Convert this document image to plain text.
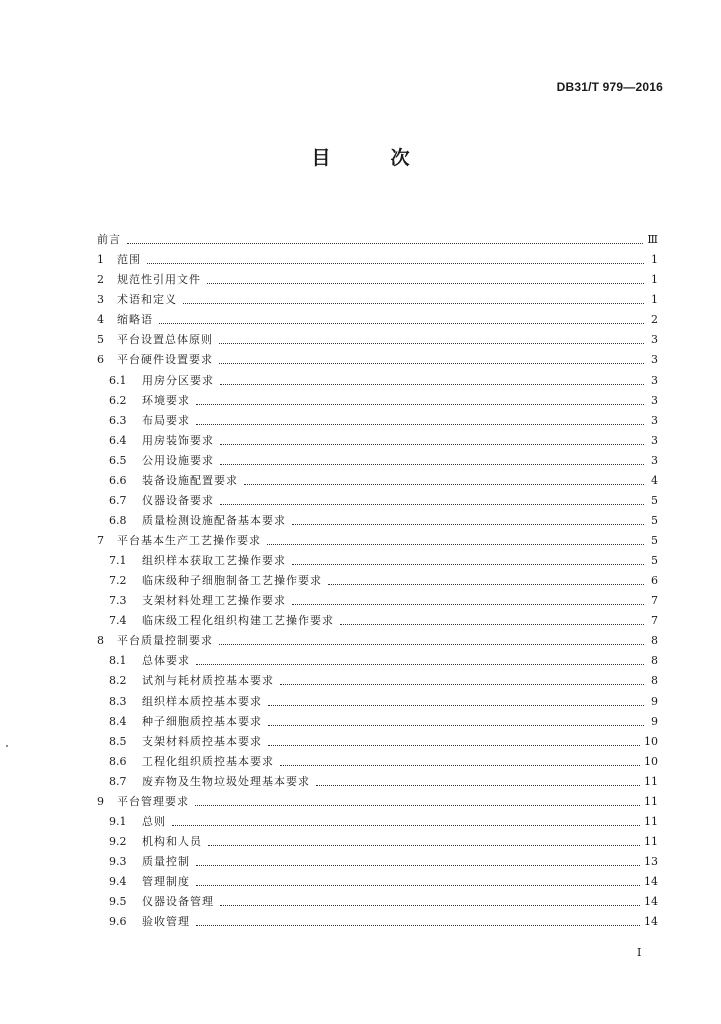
DB31/T 979—2016
目 次
前言	Ⅲ
1	范围	1
2	规范性引用文件	1
3	术语和定义	1
4	缩略语	2
5	平台设置总体原则	3
6	平台硬件设置要求	3
6.1	用房分区要求	3
6.2	环境要求	3
6.3	布局要求	3
6.4	用房装饰要求	3
6.5	公用设施要求	3
6.6	装备设施配置要求	4
6.7	仪器设备要求	5
6.8	质量检测设施配备基本要求	5
7	平台基本生产工艺操作要求	5
7.1	组织样本获取工艺操作要求	5
7.2	临床级种子细胞制备工艺操作要求	6
7.3	支架材料处理工艺操作要求	7
7.4	临床级工程化组织构建工艺操作要求	7
8	平台质量控制要求	8
8.1	总体要求	8
8.2	试剂与耗材质控基本要求	8
8.3	组织样本质控基本要求	9
8.4	种子细胞质控基本要求	9
8.5	支架材料质控基本要求	10
8.6	工程化组织质控基本要求	10
8.7	废弃物及生物垃圾处理基本要求	11
9	平台管理要求	11
9.1	总则	11
9.2	机构和人员	11
9.3	质量控制	13
9.4	管理制度	14
9.5	仪器设备管理	14
9.6	验收管理	14
I
